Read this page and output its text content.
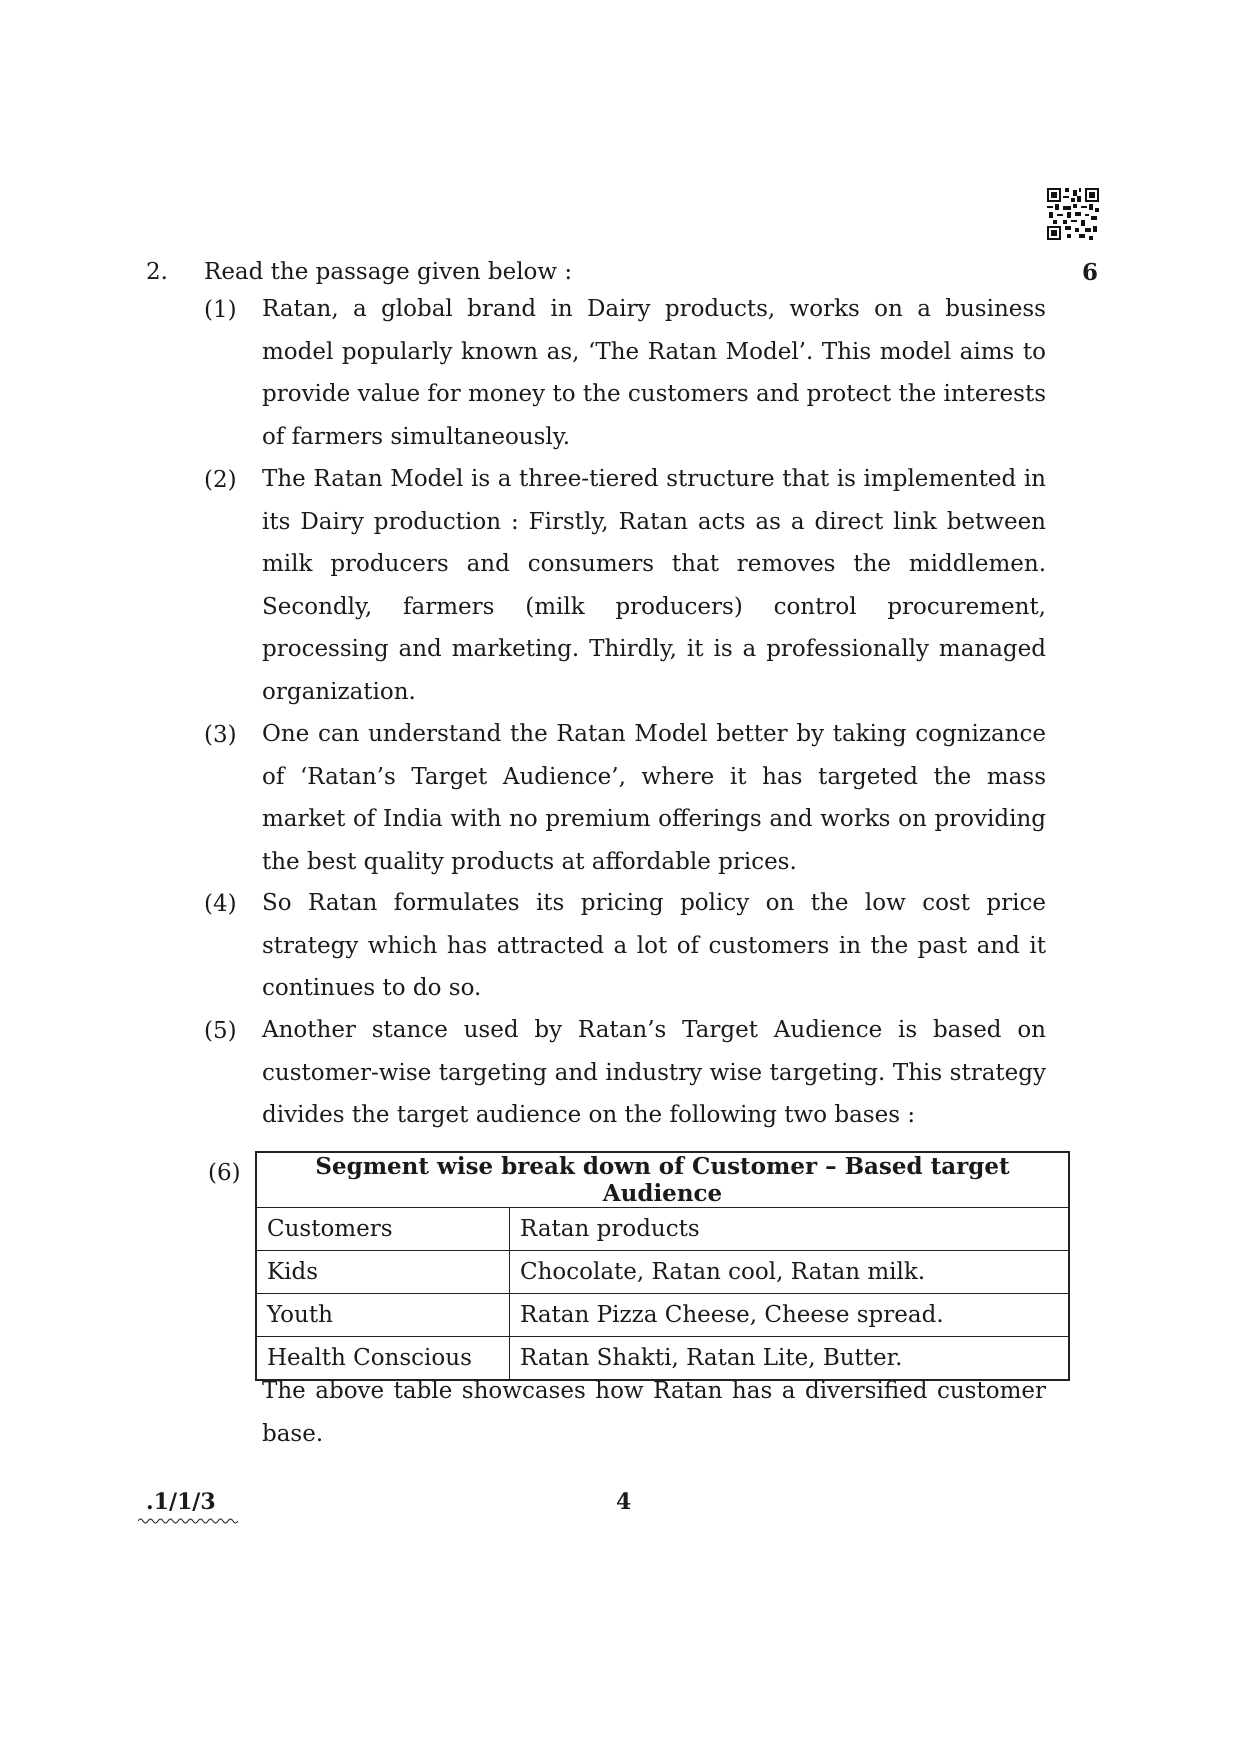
2. Read the passage given below :	6
(1) Ratan, a global brand in Dairy products, works on a business model popularly known as, ‘The Ratan Model’. This model aims to provide value for money to the customers and protect the interests of farmers simultaneously.
(2) The Ratan Model is a three-tiered structure that is implemented in its Dairy production : Firstly, Ratan acts as a direct link between milk producers and consumers that removes the middlemen. Secondly, farmers (milk producers) control procurement, processing and marketing. Thirdly, it is a professionally managed organization.
(3) One can understand the Ratan Model better by taking cognizance of ‘Ratan’s Target Audience’, where it has targeted the mass market of India with no premium offerings and works on providing the best quality products at affordable prices.
(4) So Ratan formulates its pricing policy on the low cost price strategy which has attracted a lot of customers in the past and it continues to do so.
(5) Another stance used by Ratan’s Target Audience is based on customer-wise targeting and industry wise targeting. This strategy divides the target audience on the following two bases :
(6)	Segment wise break down of Customer – Based target Audience	
Customers	Ratan products
Kids	Chocolate, Ratan cool, Ratan milk.
Youth	Ratan Pizza Cheese, Cheese spread.
Health Conscious	Ratan Shakti, Ratan Lite, Butter.
The above table showcases how Ratan has a diversified customer base.
.1/1/3	4
